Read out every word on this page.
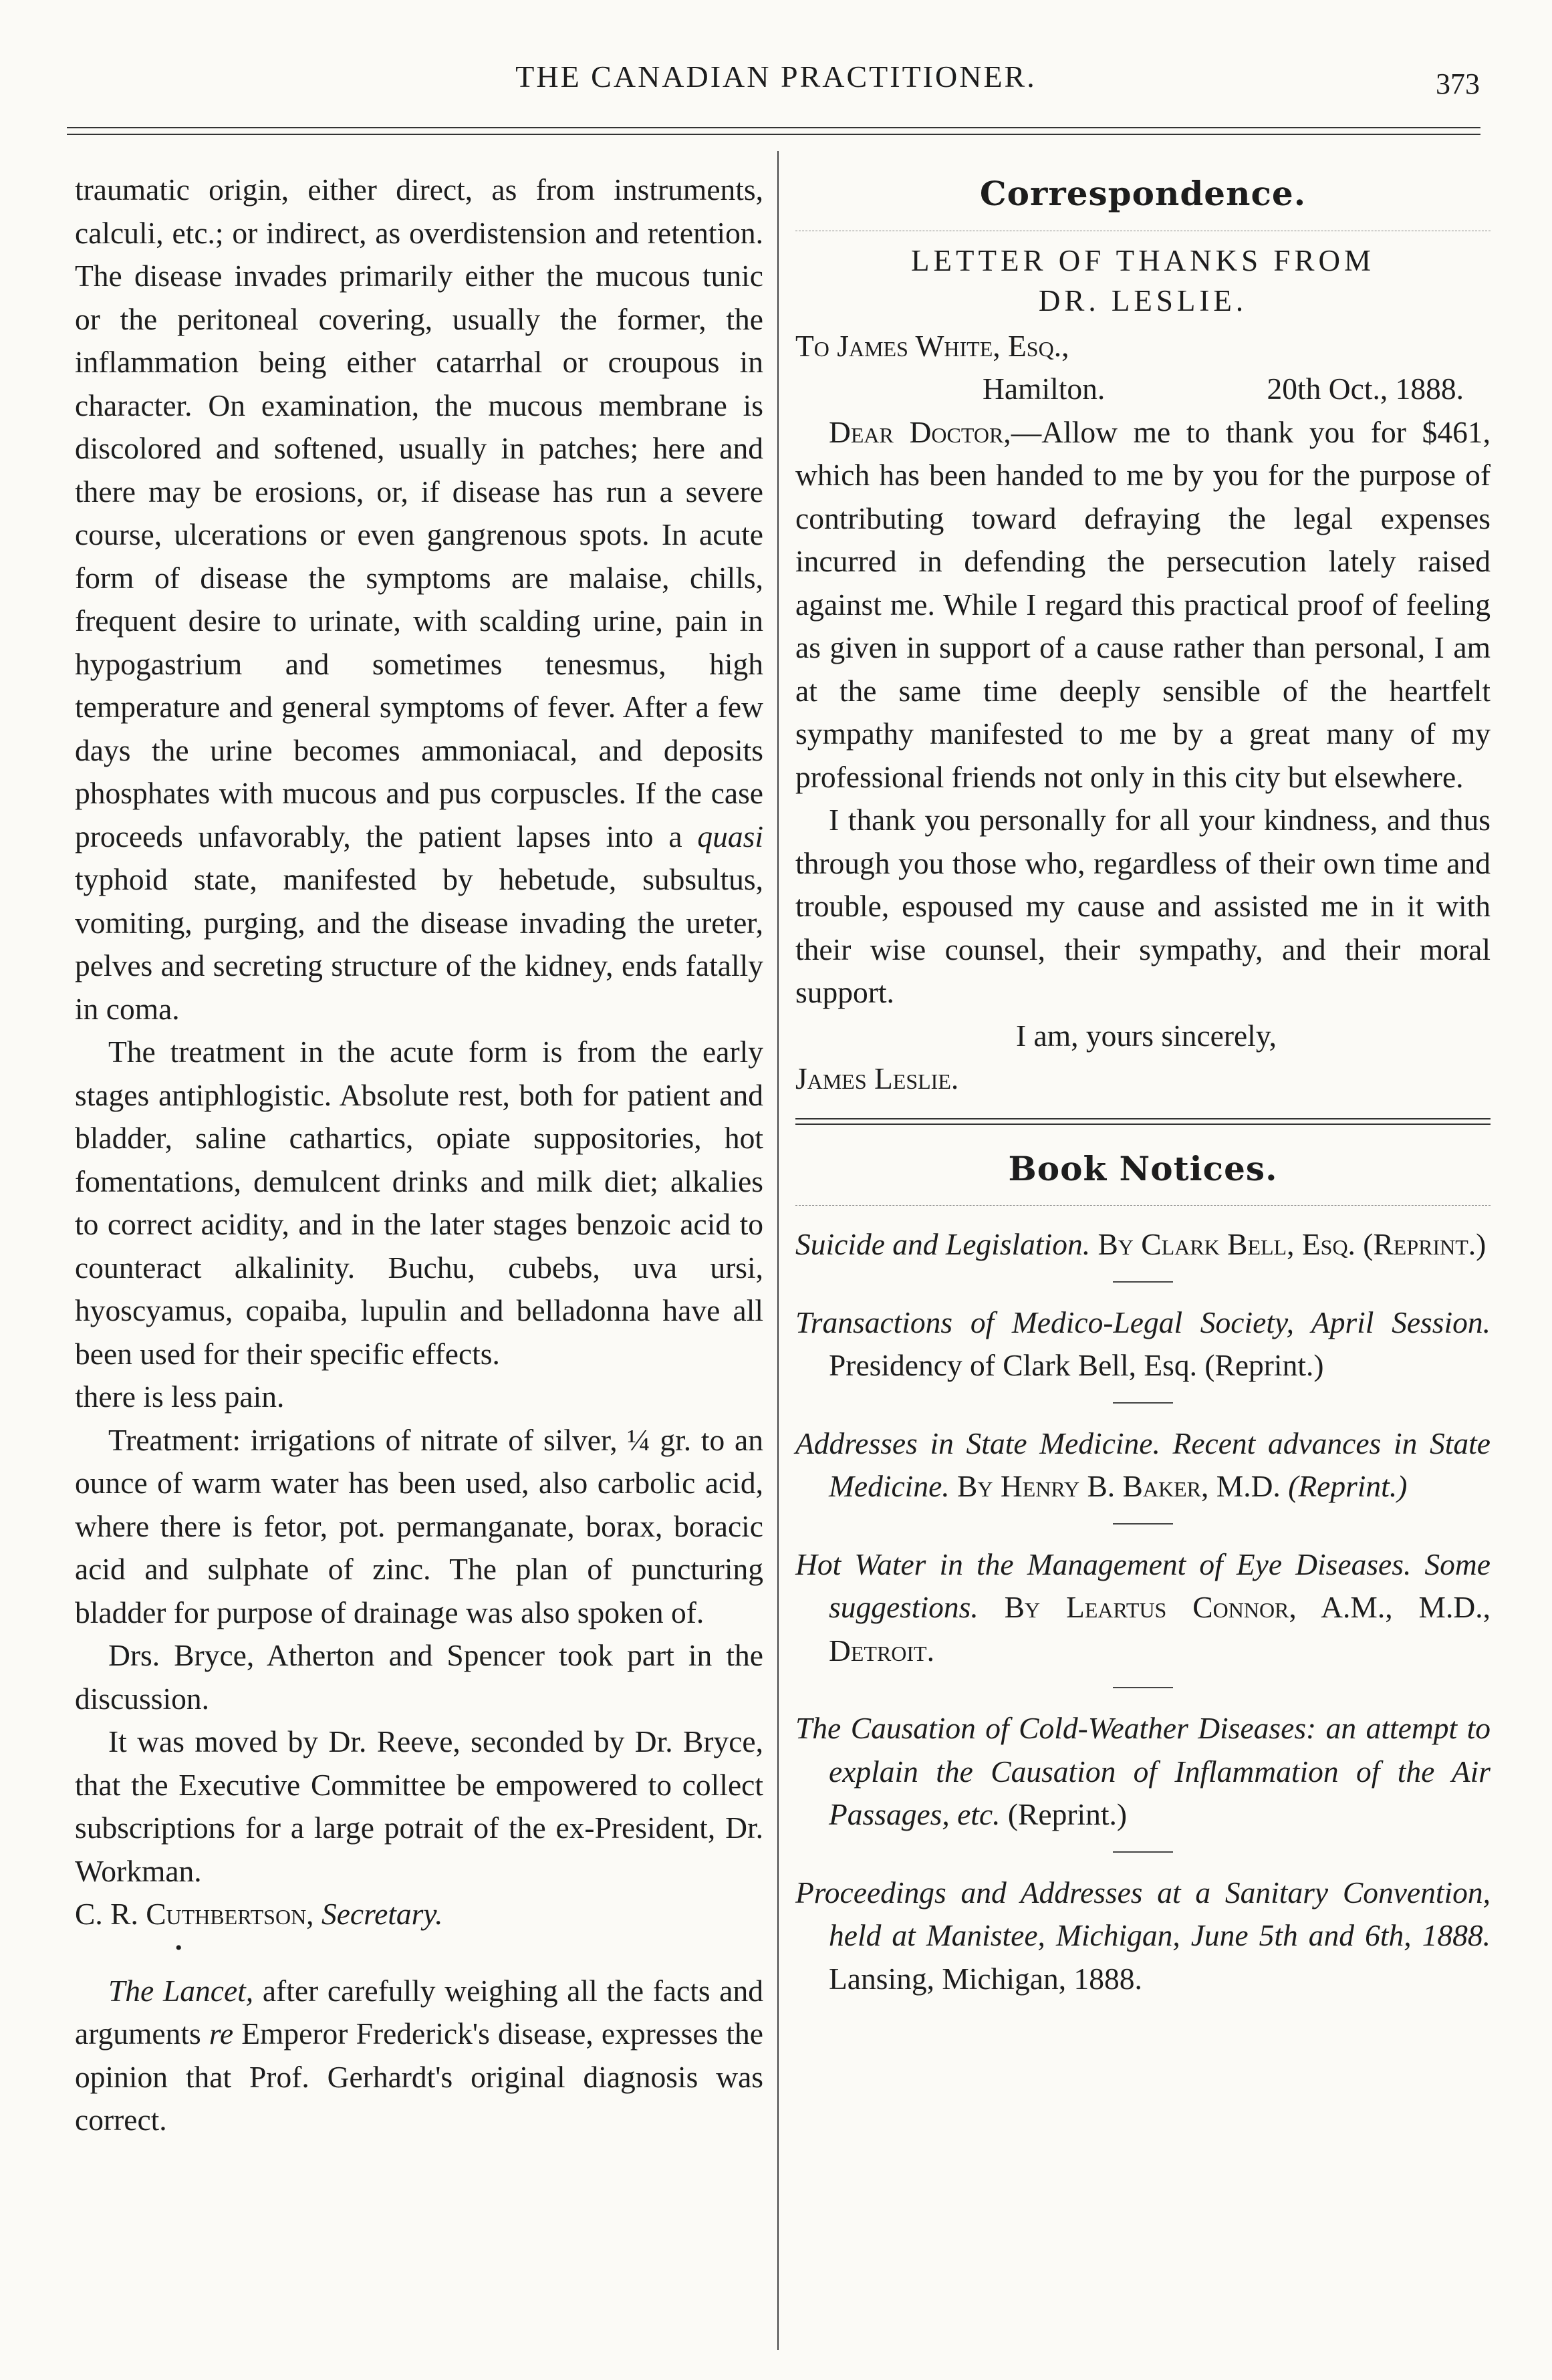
THE CANADIAN PRACTITIONER.	373

traumatic origin, either direct, as from instruments, calculi, etc.; or indirect, as overdistension and retention. The disease invades primarily either the mucous tunic or the peritoneal covering, usually the former, the inflammation being either catarrhal or croupous in character. On examination, the mucous membrane is discolored and softened, usually in patches; here and there may be erosions, or, if disease has run a severe course, ulcerations or even gangrenous spots. In acute form of disease the symptoms are malaise, chills, frequent desire to urinate, with scalding urine, pain in hypogastrium and sometimes tenesmus, high temperature and general symptoms of fever. After a few days the urine becomes ammoniacal, and deposits phosphates with mucous and pus corpuscles. If the case proceeds unfavorably, the patient lapses into a quasi typhoid state, manifested by hebetude, subsultus, vomiting, purging, and the disease invading the ureter, pelves and secreting structure of the kidney, ends fatally in coma.

The treatment in the acute form is from the early stages antiphlogistic. Absolute rest, both for patient and bladder, saline cathartics, opiate suppositories, hot fomentations, demulcent drinks and milk diet; alkalies to correct acidity, and in the later stages benzoic acid to counteract alkalinity. Buchu, cubebs, uva ursi, hyoscyamus, copaiba, lupulin and belladonna have all been used for their specific effects.

there is less pain.

Treatment: irrigations of nitrate of silver, ¼ gr. to an ounce of warm water has been used, also carbolic acid, where there is fetor, pot. permanganate, borax, boracic acid and sulphate of zinc. The plan of puncturing bladder for purpose of drainage was also spoken of.

Drs. Bryce, Atherton and Spencer took part in the discussion.

It was moved by Dr. Reeve, seconded by Dr. Bryce, that the Executive Committee be empowered to collect subscriptions for a large potrait of the ex-President, Dr. Workman.

C. R. Cuthbertson, Secretary.

•

The Lancet, after carefully weighing all the facts and arguments re Emperor Frederick's disease, expresses the opinion that Prof. Gerhardt's original diagnosis was correct.

Correspondence.
LETTER OF THANKS FROM
DR. LESLIE.

To James White, Esq.,

Hamilton.	20th Oct., 1888.

Dear Doctor,—Allow me to thank you for $461, which has been handed to me by you for the purpose of contributing toward defraying the legal expenses incurred in defending the persecution lately raised against me. While I regard this practical proof of feeling as given in support of a cause rather than personal, I am at the same time deeply sensible of the heartfelt sympathy manifested to me by a great many of my professional friends not only in this city but elsewhere.

I thank you personally for all your kindness, and thus through you those who, regardless of their own time and trouble, espoused my cause and assisted me in it with their wise counsel, their sympathy, and their moral support.

I am, yours sincerely,

James Leslie.

Book Notices.

Suicide and Legislation. By Clark Bell, Esq. (Reprint.)

Transactions of Medico-Legal Society, April Session. Presidency of Clark Bell, Esq. (Reprint.)

Addresses in State Medicine. Recent advances in State Medicine. By Henry B. Baker, M.D. (Reprint.)

Hot Water in the Management of Eye Diseases. Some suggestions. By Leartus Connor, A.M., M.D., Detroit.

The Causation of Cold-Weather Diseases: an attempt to explain the Causation of Inflammation of the Air Passages, etc. (Reprint.)

Proceedings and Addresses at a Sanitary Convention, held at Manistee, Michigan, June 5th and 6th, 1888. Lansing, Michigan, 1888.
